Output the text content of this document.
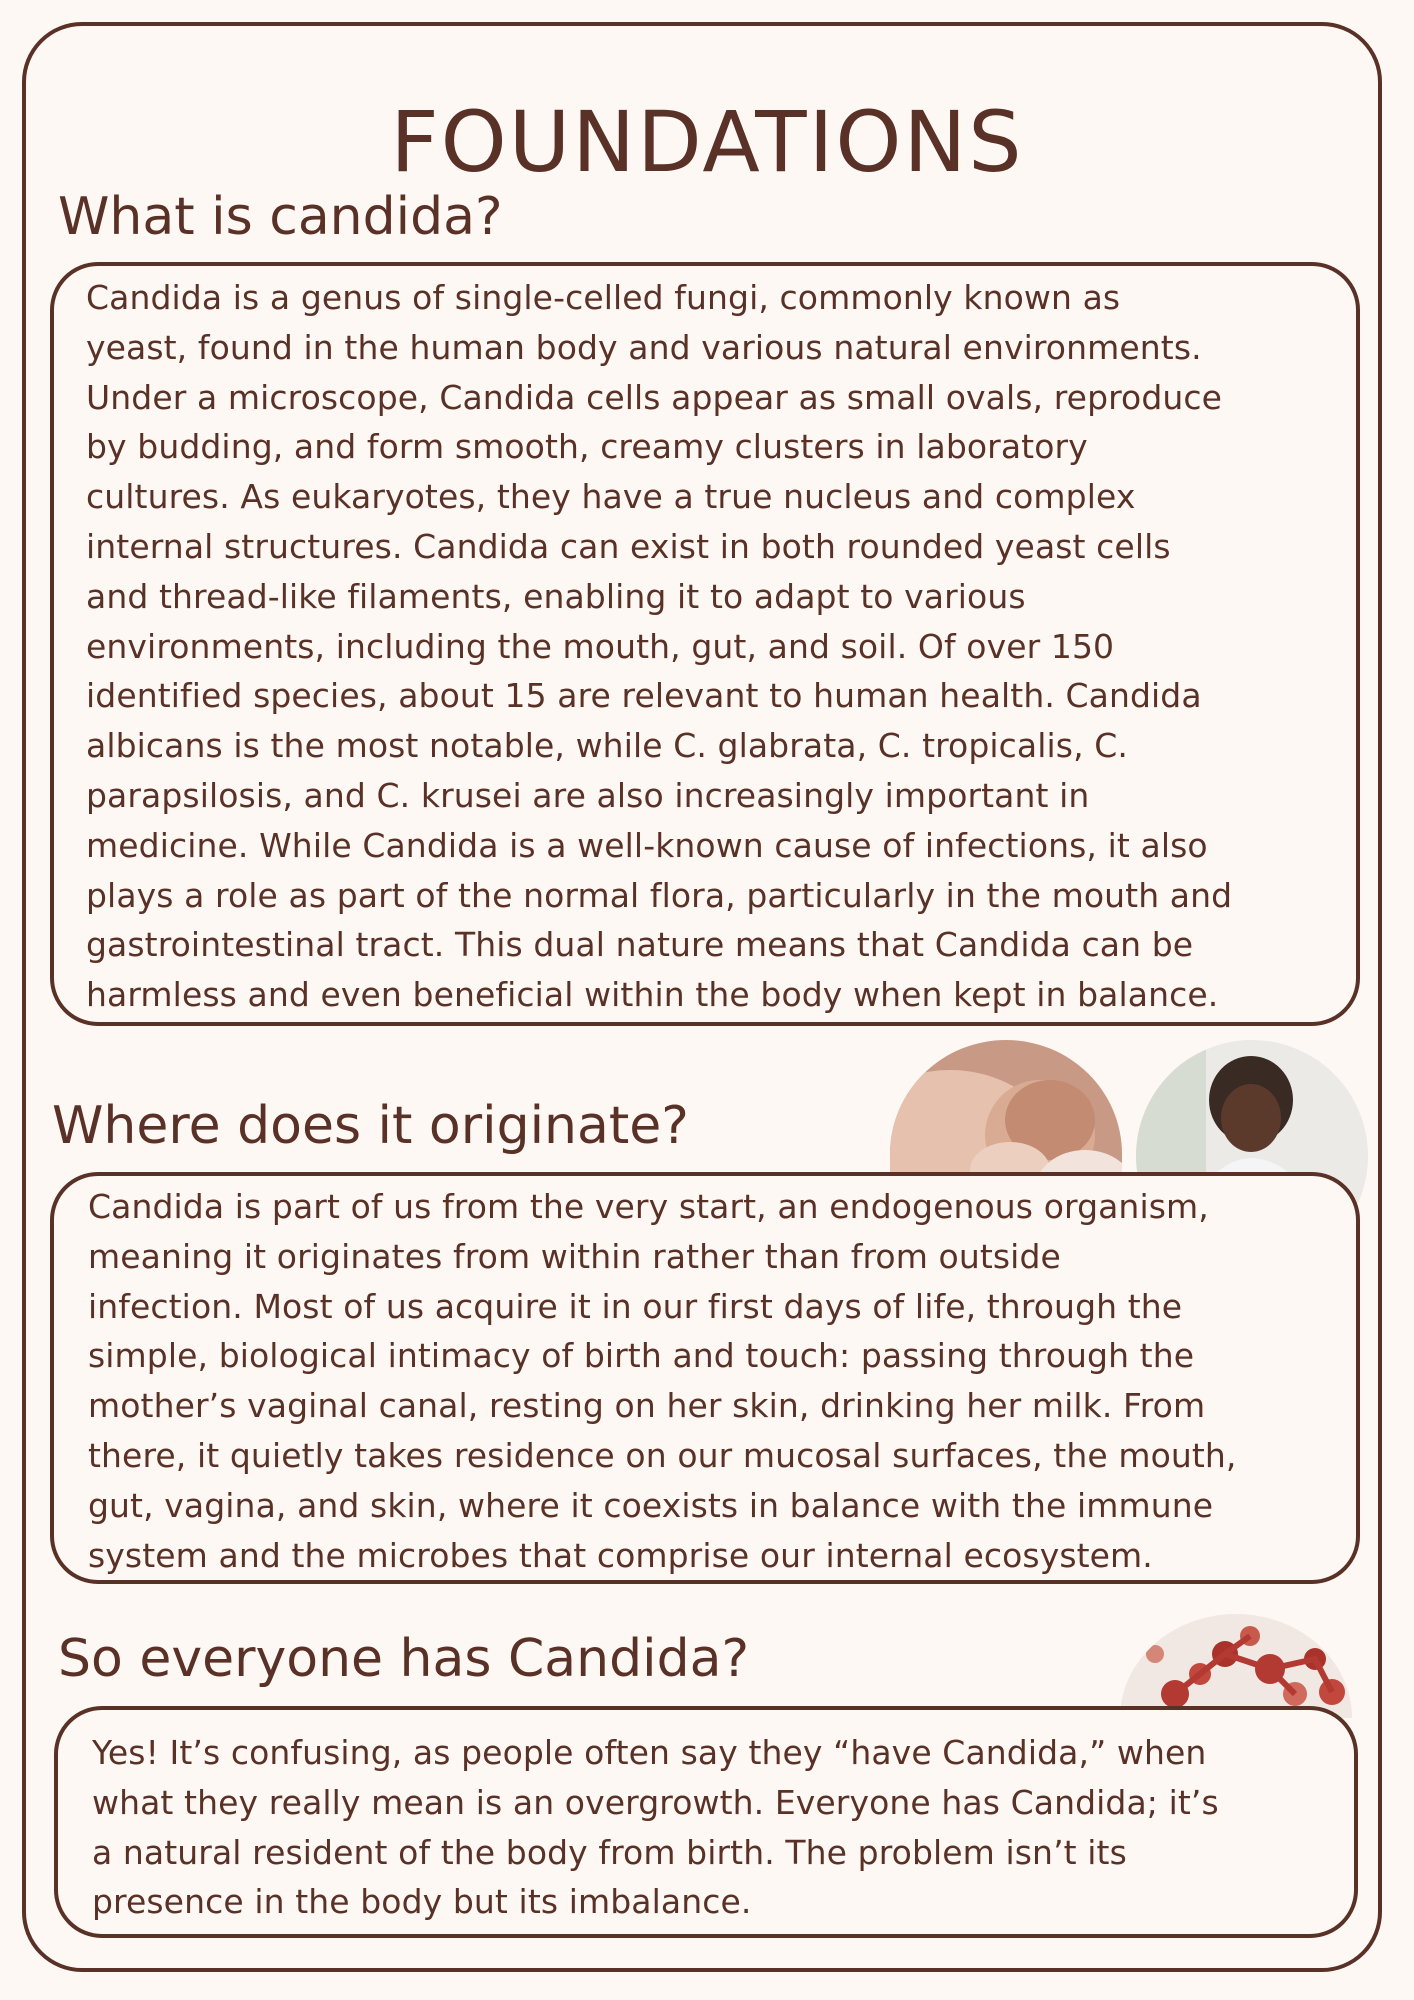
FOUNDATIONS
What is candida?

Candida is a genus of single-celled fungi, commonly known as
yeast, found in the human body and various natural environments.
Under a microscope, Candida cells appear as small ovals, reproduce
by budding, and form smooth, creamy clusters in laboratory
cultures. As eukaryotes, they have a true nucleus and complex
internal structures. Candida can exist in both rounded yeast cells
and thread-like filaments, enabling it to adapt to various
environments, including the mouth, gut, and soil. Of over 150
identified species, about 15 are relevant to human health. Candida
albicans is the most notable, while C. glabrata, C. tropicalis, C.
parapsilosis, and C. krusei are also increasingly important in
medicine. While Candida is a well-known cause of infections, it also
plays a role as part of the normal flora, particularly in the mouth and
gastrointestinal tract. This dual nature means that Candida can be
harmless and even beneficial within the body when kept in balance.

Where does it originate?

Candida is part of us from the very start, an endogenous organism,
meaning it originates from within rather than from outside
infection. Most of us acquire it in our first days of life, through the
simple, biological intimacy of birth and touch: passing through the
mother’s vaginal canal, resting on her skin, drinking her milk. From
there, it quietly takes residence on our mucosal surfaces, the mouth,
gut, vagina, and skin, where it coexists in balance with the immune
system and the microbes that comprise our internal ecosystem.

So everyone has Candida?

Yes! It’s confusing, as people often say they “have Candida,” when
what they really mean is an overgrowth. Everyone has Candida; it’s
a natural resident of the body from birth. The problem isn’t its
presence in the body but its imbalance.
